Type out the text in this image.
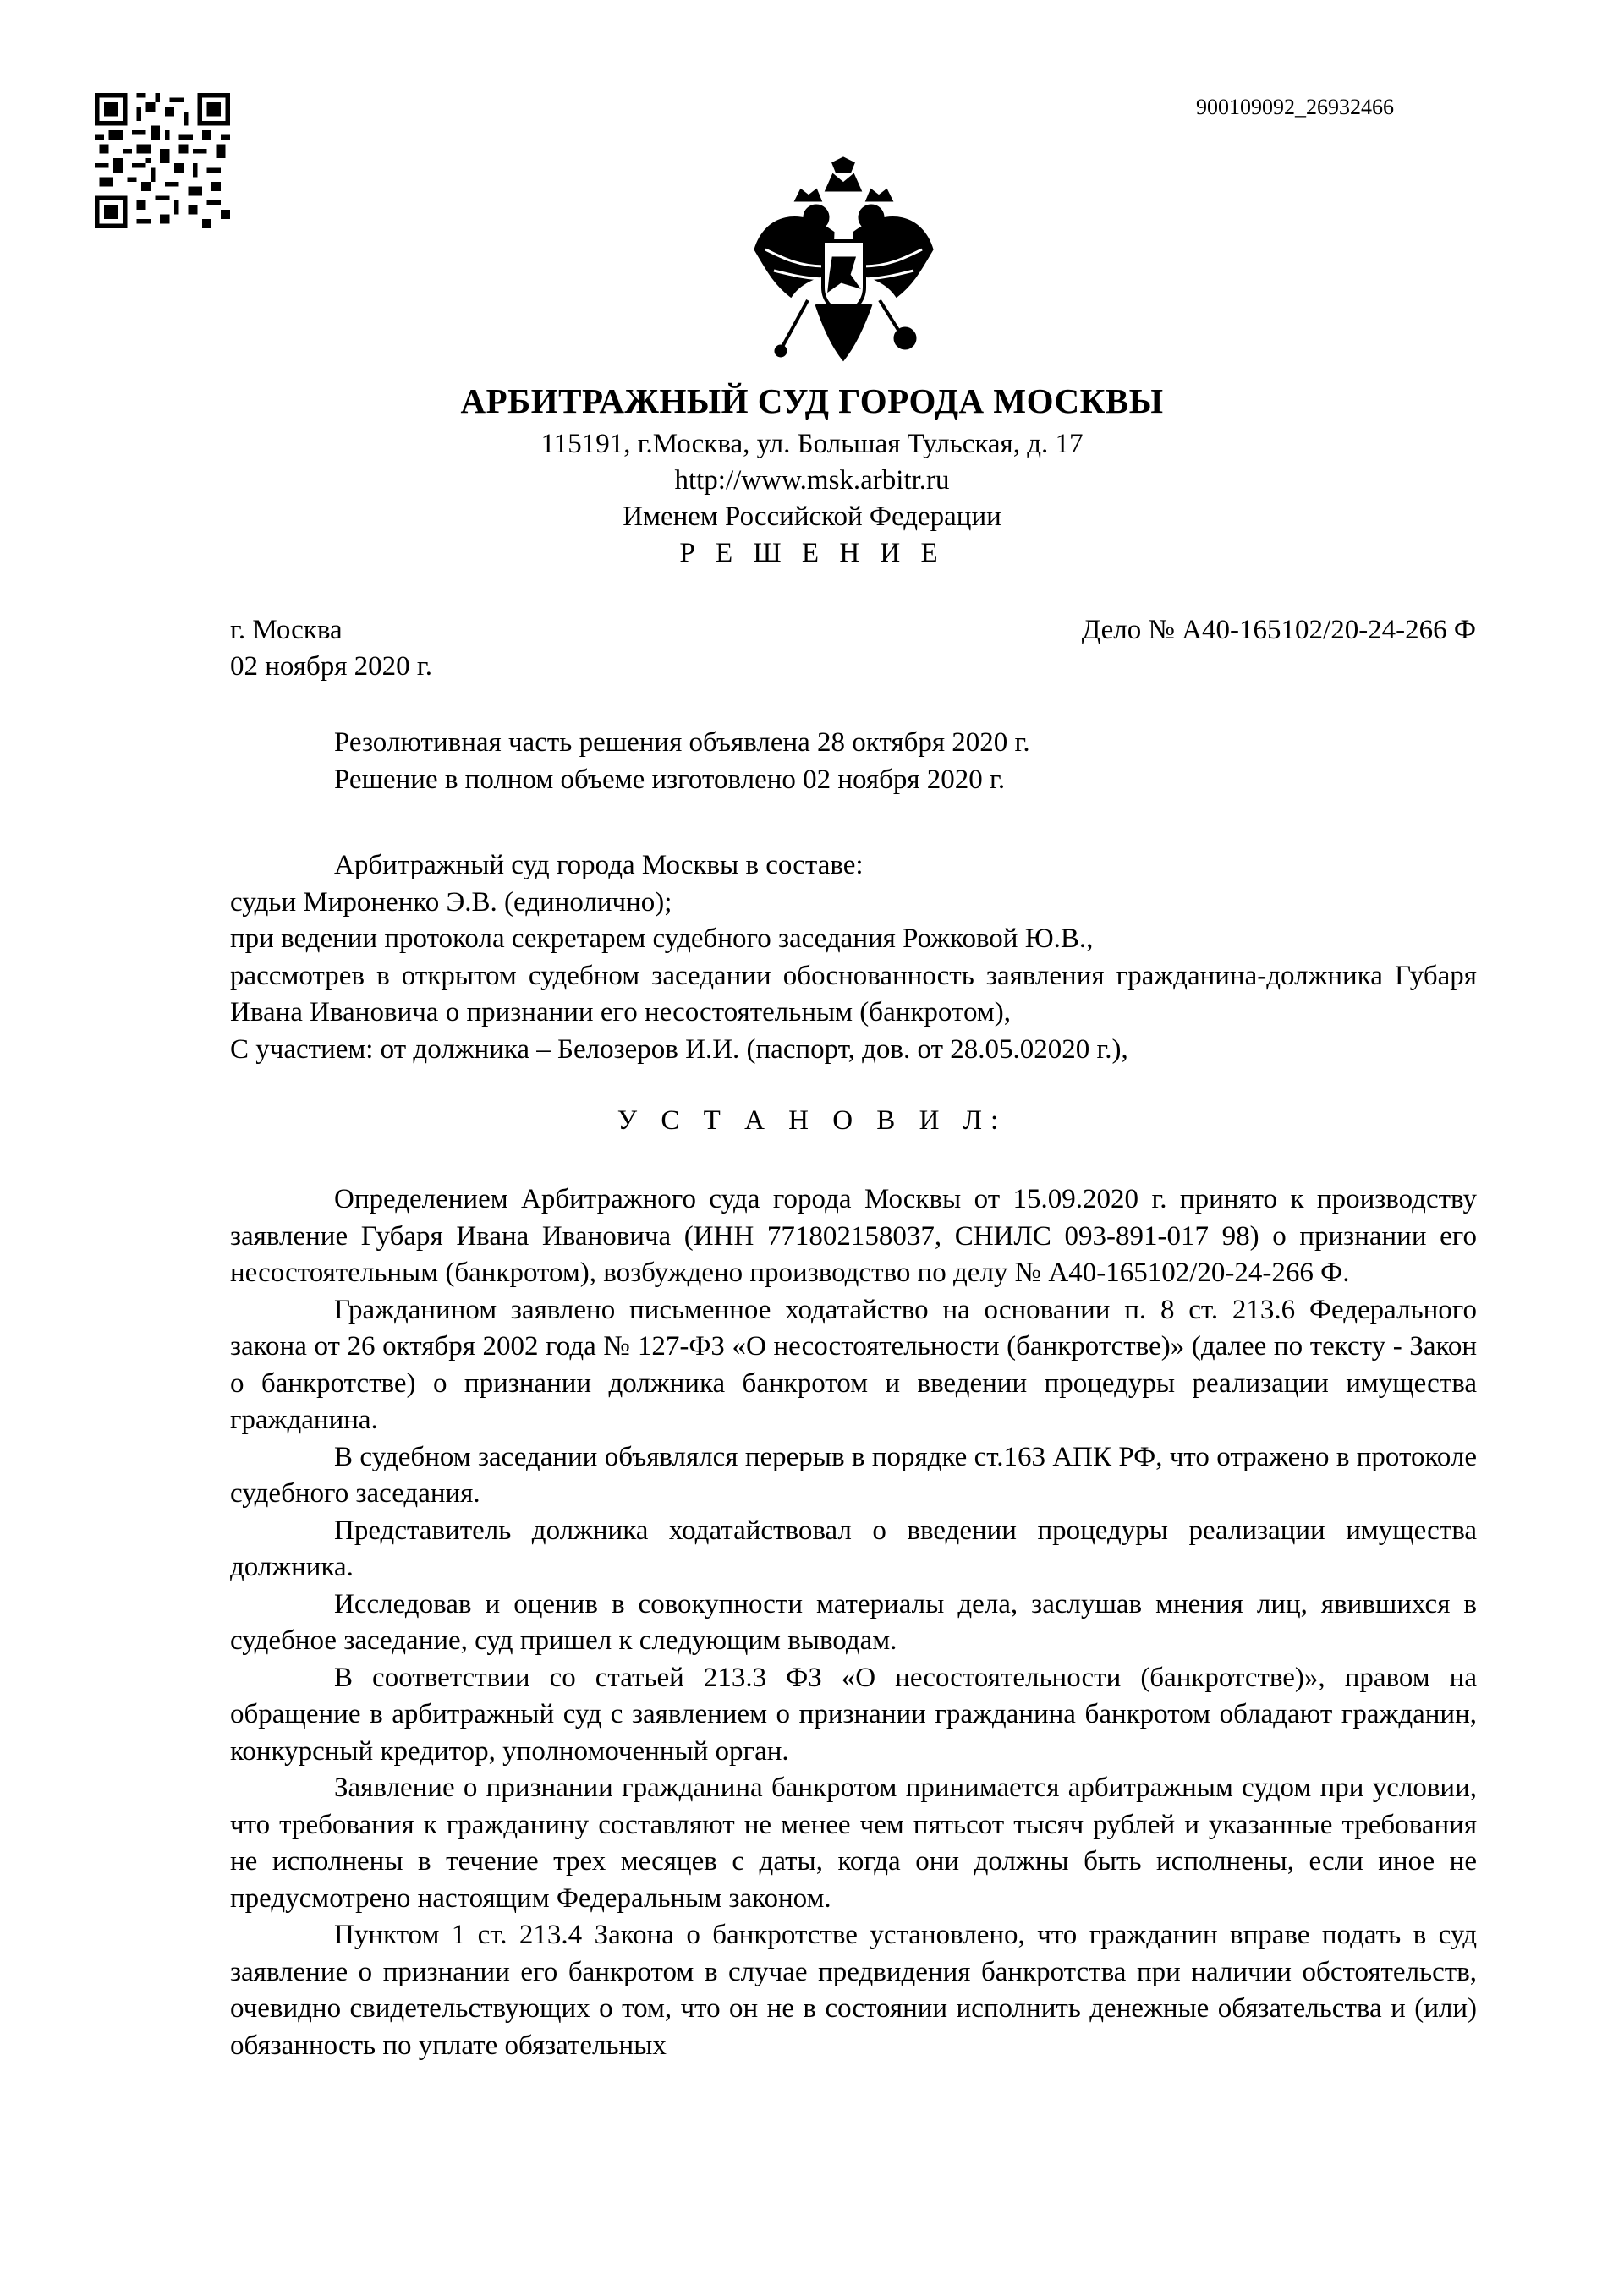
900109092_26932466
АРБИТРАЖНЫЙ СУД ГОРОДА МОСКВЫ
115191, г.Москва, ул. Большая Тульская, д. 17
http://www.msk.arbitr.ru
Именем Российской Федерации
Р Е Ш Е Н И Е
г. Москва
02 ноября 2020 г.
Дело № А40-165102/20-24-266 Ф

Резолютивная часть решения объявлена 28 октября 2020 г.

Решение в полном объеме изготовлено 02 ноября 2020 г.

Арбитражный суд города Москвы в составе:

судьи Мироненко Э.В. (единолично);

при ведении протокола секретарем судебного заседания Рожковой Ю.В.,

рассмотрев в открытом судебном заседании обоснованность заявления гражданина-должника Губаря Ивана Ивановича о признании его несостоятельным (банкротом),

С участием: от должника – Белозеров И.И. (паспорт, дов. от 28.05.02020 г.),

У С Т А Н О В И Л:

Определением Арбитражного суда города Москвы от 15.09.2020 г. принято к производству заявление Губаря Ивана Ивановича (ИНН 771802158037, СНИЛС 093-891-017 98) о признании его несостоятельным (банкротом), возбуждено производство по делу № А40-165102/20-24-266 Ф.

Гражданином заявлено письменное ходатайство на основании п. 8 ст. 213.6 Федерального закона от 26 октября 2002 года № 127-ФЗ «О несостоятельности (банкротстве)» (далее по тексту - Закон о банкротстве) о признании должника банкротом и введении процедуры реализации имущества гражданина.

В судебном заседании объявлялся перерыв в порядке ст.163 АПК РФ, что отражено в протоколе судебного заседания.

Представитель должника ходатайствовал о введении процедуры реализации имущества должника.

Исследовав и оценив в совокупности материалы дела, заслушав мнения лиц, явившихся в судебное заседание, суд пришел к следующим выводам.

В соответствии со статьей 213.3 ФЗ «О несостоятельности (банкротстве)», правом на обращение в арбитражный суд с заявлением о признании гражданина банкротом обладают гражданин, конкурсный кредитор, уполномоченный орган.

Заявление о признании гражданина банкротом принимается арбитражным судом при условии, что требования к гражданину составляют не менее чем пятьсот тысяч рублей и указанные требования не исполнены в течение трех месяцев с даты, когда они должны быть исполнены, если иное не предусмотрено настоящим Федеральным законом.

Пунктом 1 ст. 213.4 Закона о банкротстве установлено, что гражданин вправе подать в суд заявление о признании его банкротом в случае предвидения банкротства при наличии обстоятельств, очевидно свидетельствующих о том, что он не в состоянии исполнить денежные обязательства и (или) обязанность по уплате обязательных
